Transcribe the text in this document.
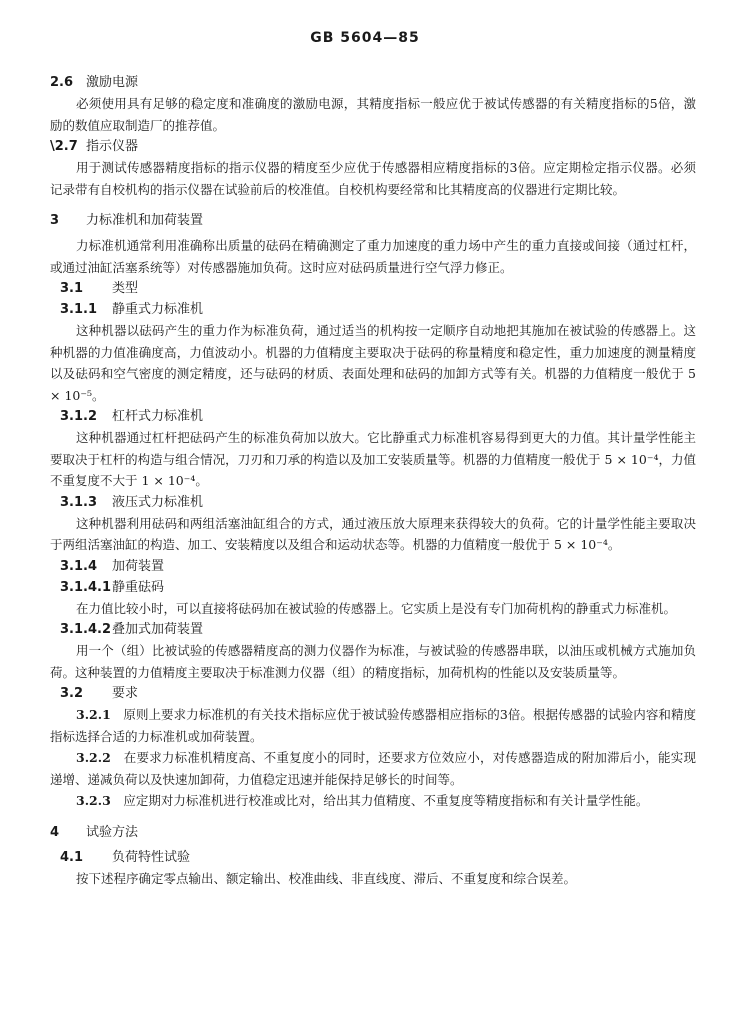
GB 5604—85
2.6 激励电源

必须使用具有足够的稳定度和准确度的激励电源，其精度指标一般应优于被试传感器的有关精度指标的5倍，激励的数值应取制造厂的推荐值。

\2.7 指示仪器

用于测试传感器精度指标的指示仪器的精度至少应优于传感器相应精度指标的3倍。应定期检定指示仪器。必须记录带有自校机构的指示仪器在试验前后的校准值。自校机构要经常和比其精度高的仪器进行定期比较。

3 力标准机和加荷装置

力标准机通常利用准确称出质量的砝码在精确测定了重力加速度的重力场中产生的重力直接或间接（通过杠杆，或通过油缸活塞系统等）对传感器施加负荷。这时应对砝码质量进行空气浮力修正。

3.1 类型
3.1.1 静重式力标准机

这种机器以砝码产生的重力作为标准负荷，通过适当的机构按一定顺序自动地把其施加在被试验的传感器上。这种机器的力值准确度高，力值波动小。机器的力值精度主要取决于砝码的称量精度和稳定性，重力加速度的测量精度以及砝码和空气密度的测定精度，还与砝码的材质、表面处理和砝码的加卸方式等有关。机器的力值精度一般优于 5 × 10⁻⁵。

3.1.2 杠杆式力标准机

这种机器通过杠杆把砝码产生的标准负荷加以放大。它比静重式力标准机容易得到更大的力值。其计量学性能主要取决于杠杆的构造与组合情况，刀刃和刀承的构造以及加工安装质量等。机器的力值精度一般优于 5 × 10⁻⁴，力值不重复度不大于 1 × 10⁻⁴。

3.1.3 液压式力标准机

这种机器利用砝码和两组活塞油缸组合的方式，通过液压放大原理来获得较大的负荷。它的计量学性能主要取决于两组活塞油缸的构造、加工、安装精度以及组合和运动状态等。机器的力值精度一般优于 5 × 10⁻⁴。

3.1.4 加荷装置
3.1.4.1静重砝码

在力值比较小时，可以直接将砝码加在被试验的传感器上。它实质上是没有专门加荷机构的静重式力标准机。

3.1.4.2叠加式加荷装置

用一个（组）比被试验的传感器精度高的测力仪器作为标准，与被试验的传感器串联，以油压或机械方式施加负荷。这种装置的力值精度主要取决于标准测力仪器（组）的精度指标，加荷机构的性能以及安装质量等。

3.2 要求

3.2.1　 原则上要求力标准机的有关技术指标应优于被试验传感器相应指标的3倍。根据传感器的试验内容和精度指标选择合适的力标准机或加荷装置。

3.2.2　 在要求力标准机精度高、不重复度小的同时，还要求方位效应小，对传感器造成的附加滞后小，能实现递增、递减负荷以及快速加卸荷，力值稳定迅速并能保持足够长的时间等。

3.2.3　 应定期对力标准机进行校准或比对，给出其力值精度、不重复度等精度指标和有关计量学性能。

4 试验方法
4.1 负荷特性试验

按下述程序确定零点输出、额定输出、校准曲线、非直线度、滞后、不重复度和综合误差。
